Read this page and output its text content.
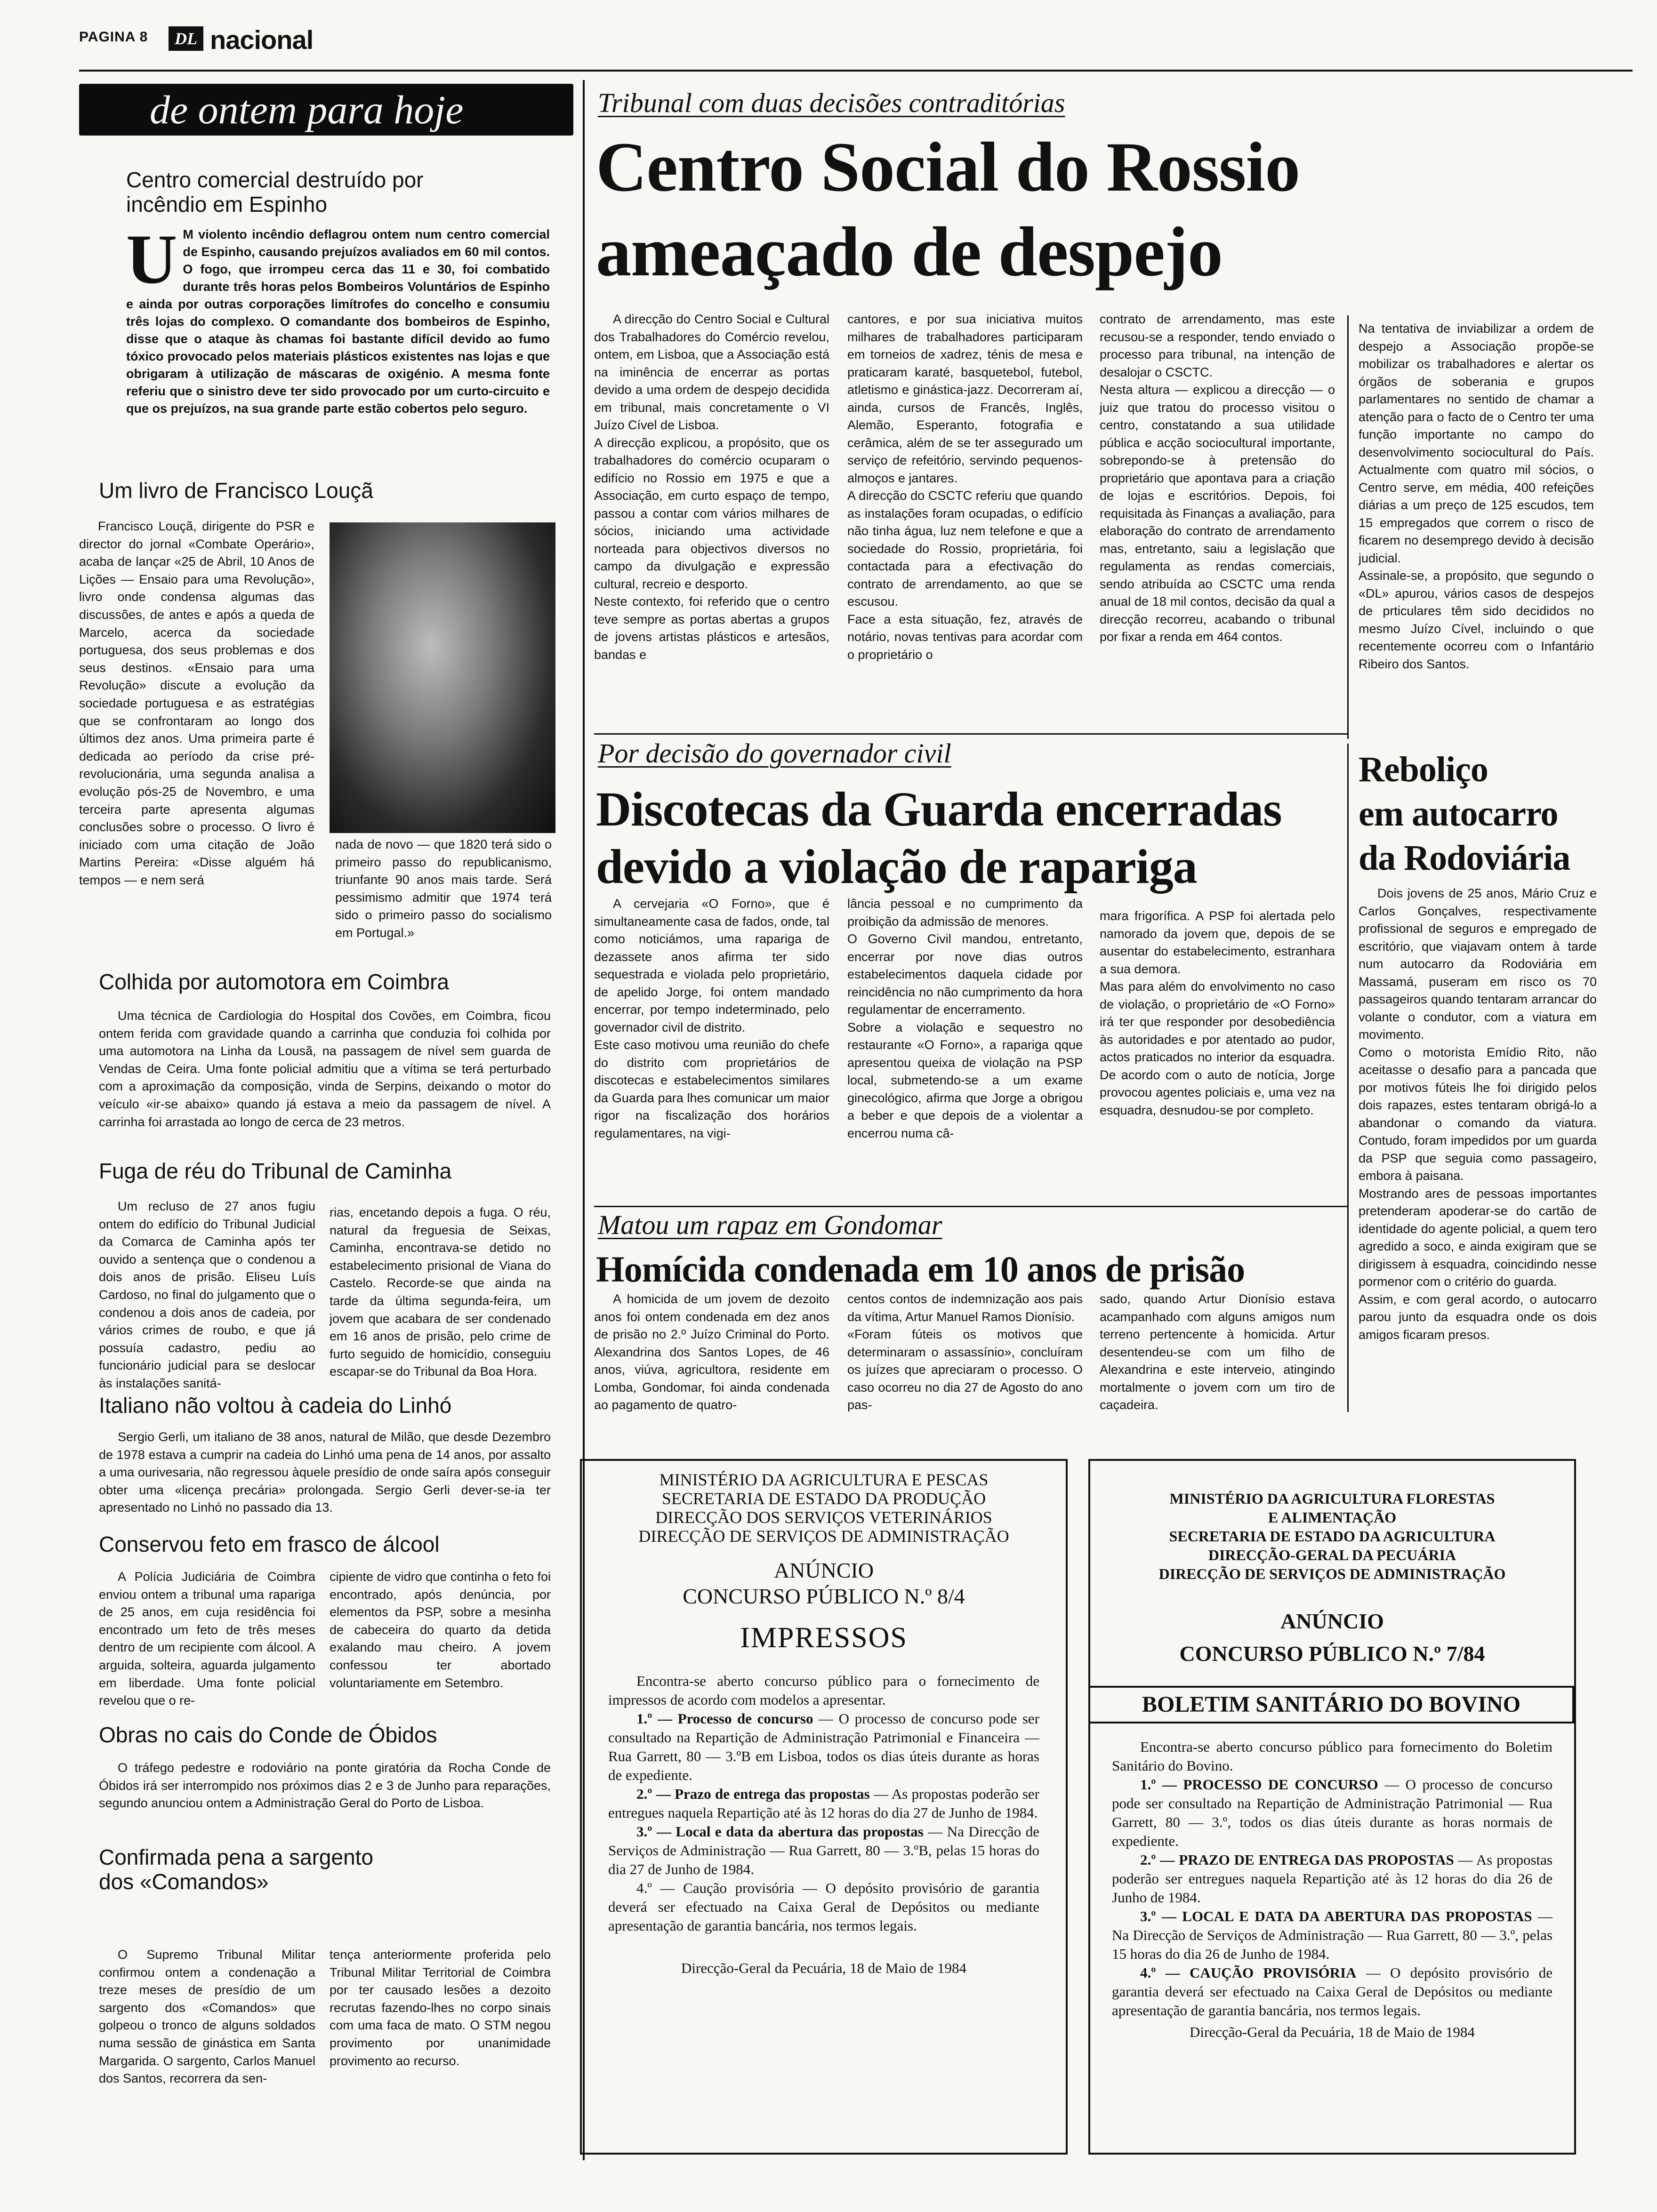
PAGINA 8	DL nacional
de ontem para hoje
Centro comercial destruído por incêndio em Espinho
U M violento incêndio deflagrou ontem num centro comercial de Espinho, causando prejuízos avaliados em 60 mil contos. O fogo, que irrompeu cerca das 11 e 30, foi combatido durante três horas pelos Bombeiros Voluntários de Espinho e ainda por outras corporações limítrofes do concelho e consumiu três lojas do complexo. O comandante dos bombeiros de Espinho, disse que o ataque às chamas foi bastante difícil devido ao fumo tóxico provocado pelos materiais plásticos existentes nas lojas e que obrigaram à utilização de máscaras de oxigénio. A mesma fonte referiu que o sinistro deve ter sido provocado por um curto-circuito e que os prejuízos, na sua grande parte estão cobertos pelo seguro.
Um livro de Francisco Louçã
Francisco Louçã, dirigente do PSR e director do jornal «Combate Operário», acaba de lançar «25 de Abril, 10 Anos de Lições — Ensaio para uma Revolução», livro onde condensa algumas das discussões, de antes e após a queda de Marcelo, acerca da sociedade portuguesa, dos seus problemas e dos seus destinos. «Ensaio para uma Revolução» discute a evolução da sociedade portuguesa e as estratégias que se confrontaram ao longo dos últimos dez anos. Uma primeira parte é dedicada ao período da crise pré-revolucionária, uma segunda analisa a evolução pós-25 de Novembro, e uma terceira parte apresenta algumas conclusões sobre o processo. O livro é iniciado com uma citação de João Martins Pereira: «Disse alguém há tempos — e nem será
nada de novo — que 1820 terá sido o primeiro passo do republicanismo, triunfante 90 anos mais tarde. Será pessimismo admitir que 1974 terá sido o primeiro passo do socialismo em Portugal.»
Colhida por automotora em Coimbra
Uma técnica de Cardiologia do Hospital dos Covões, em Coimbra, ficou ontem ferida com gravidade quando a carrinha que conduzia foi colhida por uma automotora na Linha da Lousã, na passagem de nível sem guarda de Vendas de Ceira. Uma fonte policial admitiu que a vítima se terá perturbado com a aproximação da composição, vinda de Serpins, deixando o motor do veículo «ir-se abaixo» quando já estava a meio da passagem de nível. A carrinha foi arrastada ao longo de cerca de 23 metros.
Fuga de réu do Tribunal de Caminha
Um recluso de 27 anos fugiu ontem do edifício do Tribunal Judicial da Comarca de Caminha após ter ouvido a sentença que o condenou a dois anos de prisão. Eliseu Luís Cardoso, no final do julgamento que o condenou a dois anos de cadeia, por vários crimes de roubo, e que já possuía cadastro, pediu ao funcionário judicial para se deslocar às instalações sanitá-
rias, encetando depois a fuga. O réu, natural da freguesia de Seixas, Caminha, encontrava-se detido no estabelecimento prisional de Viana do Castelo. Recorde-se que ainda na tarde da última segunda-feira, um jovem que acabara de ser condenado em 16 anos de prisão, pelo crime de furto seguido de homicídio, conseguiu escapar-se do Tribunal da Boa Hora.
Italiano não voltou à cadeia do Linhó
Sergio Gerli, um italiano de 38 anos, natural de Milão, que desde Dezembro de 1978 estava a cumprir na cadeia do Linhó uma pena de 14 anos, por assalto a uma ourivesaria, não regressou àquele presídio de onde saíra após conseguir obter uma «licença precária» prolongada. Sergio Gerli dever-se-ia ter apresentado no Linhó no passado dia 13.
Conservou feto em frasco de álcool
A Polícia Judiciária de Coimbra enviou ontem a tribunal uma rapariga de 25 anos, em cuja residência foi encontrado um feto de três meses dentro de um recipiente com álcool. A arguida, solteira, aguarda julgamento em liberdade. Uma fonte policial revelou que o re-
cipiente de vidro que continha o feto foi encontrado, após denúncia, por elementos da PSP, sobre a mesinha de cabeceira do quarto da detida exalando mau cheiro. A jovem confessou ter abortado voluntariamente em Setembro.
Obras no cais do Conde de Óbidos
O tráfego pedestre e rodoviário na ponte giratória da Rocha Conde de Óbidos irá ser interrompido nos próximos dias 2 e 3 de Junho para reparações, segundo anunciou ontem a Administração Geral do Porto de Lisboa.
Confirmada pena a sargento dos «Comandos»
O Supremo Tribunal Militar confirmou ontem a condenação a treze meses de presídio de um sargento dos «Comandos» que golpeou o tronco de alguns soldados numa sessão de ginástica em Santa Margarida. O sargento, Carlos Manuel dos Santos, recorrera da sen-
tença anteriormente proferida pelo Tribunal Militar Territorial de Coimbra por ter causado lesões a dezoito recrutas fazendo-lhes no corpo sinais com uma faca de mato. O STM negou provimento por unanimidade provimento ao recurso.
Tribunal com duas decisões contraditórias
Centro Social do Rossio
ameaçado de despejo
A direcção do Centro Social e Cultural dos Trabalhadores do Comércio revelou, ontem, em Lisboa, que a Associação está na iminência de encerrar as portas devido a uma ordem de despejo decidida em tribunal, mais concretamente o VI Juízo Cível de Lisboa.
A direcção explicou, a propósito, que os trabalhadores do comércio ocuparam o edifício no Rossio em 1975 e que a Associação, em curto espaço de tempo, passou a contar com vários milhares de sócios, iniciando uma actividade norteada para objectivos diversos no campo da divulgação e expressão cultural, recreio e desporto.
Neste contexto, foi referido que o centro teve sempre as portas abertas a grupos de jovens artistas plásticos e artesãos, bandas e
cantores, e por sua iniciativa muitos milhares de trabalhadores participaram em torneios de xadrez, ténis de mesa e praticaram karaté, basquetebol, futebol, atletismo e ginástica-jazz. Decorreram aí, ainda, cursos de Francês, Inglês, Alemão, Esperanto, fotografia e cerâmica, além de se ter assegurado um serviço de refeitório, servindo pequenos-almoços e jantares.
A direcção do CSCTC referiu que quando as instalações foram ocupadas, o edifício não tinha água, luz nem telefone e que a sociedade do Rossio, proprietária, foi contactada para a efectivação do contrato de arrendamento, ao que se escusou.
Face a esta situação, fez, através de notário, novas tentivas para acordar com o proprietário o
contrato de arrendamento, mas este recusou-se a responder, tendo enviado o processo para tribunal, na intenção de desalojar o CSCTC.
Nesta altura — explicou a direcção — o juiz que tratou do processo visitou o centro, constatando a sua utilidade pública e acção sociocultural importante, sobrepondo-se à pretensão do proprietário que apontava para a criação de lojas e escritórios. Depois, foi requisitada às Finanças a avaliação, para elaboração do contrato de arrendamento mas, entretanto, saiu a legislação que regulamenta as rendas comerciais, sendo atribuída ao CSCTC uma renda anual de 18 mil contos, decisão da qual a direcção recorreu, acabando o tribunal por fixar a renda em 464 contos.
Na tentativa de inviabilizar a ordem de despejo a Associação propõe-se mobilizar os trabalhadores e alertar os órgãos de soberania e grupos parlamentares no sentido de chamar a atenção para o facto de o Centro ter uma função importante no campo do desenvolvimento sociocultural do País. Actualmente com quatro mil sócios, o Centro serve, em média, 400 refeições diárias a um preço de 125 escudos, tem 15 empregados que correm o risco de ficarem no desemprego devido à decisão judicial.
Assinale-se, a propósito, que segundo o «DL» apurou, vários casos de despejos de prticulares têm sido decididos no mesmo Juízo Cível, incluindo o que recentemente ocorreu com o Infantário Ribeiro dos Santos.
Por decisão do governador civil
Discotecas da Guarda encerradas
devido a violação de rapariga
A cervejaria «O Forno», que é simultaneamente casa de fados, onde, tal como noticiámos, uma rapariga de dezassete anos afirma ter sido sequestrada e violada pelo proprietário, de apelido Jorge, foi ontem mandado encerrar, por tempo indeterminado, pelo governador civil de distrito.
Este caso motivou uma reunião do chefe do distrito com proprietários de discotecas e estabelecimentos similares da Guarda para lhes comunicar um maior rigor na fiscalização dos horários regulamentares, na vigi-
lância pessoal e no cumprimento da proibição da admissão de menores.
O Governo Civil mandou, entretanto, encerrar por nove dias outros estabelecimentos daquela cidade por reincidência no não cumprimento da hora regulamentar de encerramento.
Sobre a violação e sequestro no restaurante «O Forno», a rapariga qque apresentou queixa de violação na PSP local, submetendo-se a um exame ginecológico, afirma que Jorge a obrigou a beber e que depois de a violentar a encerrou numa câ-
mara frigorífica. A PSP foi alertada pelo namorado da jovem que, depois de se ausentar do estabelecimento, estranhara a sua demora.
Mas para além do envolvimento no caso de violação, o proprietário de «O Forno» irá ter que responder por desobediência às autoridades e por atentado ao pudor, actos praticados no interior da esquadra. De acordo com o auto de notícia, Jorge provocou agentes policiais e, uma vez na esquadra, desnudou-se por completo.
Reboliço
em autocarro
da Rodoviária
Dois jovens de 25 anos, Mário Cruz e Carlos Gonçalves, respectivamente profissional de seguros e empregado de escritório, que viajavam ontem à tarde num autocarro da Rodoviária em Massamá, puseram em risco os 70 passageiros quando tentaram arrancar do volante o condutor, com a viatura em movimento.
Como o motorista Emídio Rito, não aceitasse o desafio para a pancada que por motivos fúteis lhe foi dirigido pelos dois rapazes, estes tentaram obrigá-lo a abandonar o comando da viatura. Contudo, foram impedidos por um guarda da PSP que seguia como passageiro, embora à paisana.
Mostrando ares de pessoas importantes pretenderam apoderar-se do cartão de identidade do agente policial, a quem tero agredido a soco, e ainda exigiram que se dirigissem à esquadra, coincidindo nesse pormenor com o critério do guarda.
Assim, e com geral acordo, o autocarro parou junto da esquadra onde os dois amigos ficaram presos.
Matou um rapaz em Gondomar
Homícida condenada em 10 anos de prisão
A homicida de um jovem de dezoito anos foi ontem condenada em dez anos de prisão no 2.º Juízo Criminal do Porto. Alexandrina dos Santos Lopes, de 46 anos, viúva, agricultora, residente em Lomba, Gondomar, foi ainda condenada ao pagamento de quatro-
centos contos de indemnização aos pais da vítima, Artur Manuel Ramos Dionísio.
«Foram fúteis os motivos que determinaram o assassínio», concluíram os juízes que apreciaram o processo. O caso ocorreu no dia 27 de Agosto do ano pas-
sado, quando Artur Dionísio estava acampanhado com alguns amigos num terreno pertencente à homicida. Artur desentendeu-se com um filho de Alexandrina e este interveio, atingindo mortalmente o jovem com um tiro de caçadeira.
MINISTÉRIO DA AGRICULTURA E PESCAS
SECRETARIA DE ESTADO DA PRODUÇÃO
DIRECÇÃO DOS SERVIÇOS VETERINÁRIOS
DIRECÇÃO DE SERVIÇOS DE ADMINISTRAÇÃO
ANÚNCIO
CONCURSO PÚBLICO N.º 8/4
IMPRESSOS
Encontra-se aberto concurso público para o fornecimento de impressos de acordo com modelos a apresentar.
1.º — Processo de concurso — O processo de concurso pode ser consultado na Repartição de Administração Patrimonial e Financeira — Rua Garrett, 80 — 3.ºB em Lisboa, todos os dias úteis durante as horas de expediente.
2.º — Prazo de entrega das propostas — As propostas poderão ser entregues naquela Repartição até às 12 horas do dia 27 de Junho de 1984.
3.º — Local e data da abertura das propostas — Na Direcção de Serviços de Administração — Rua Garrett, 80 — 3.ºB, pelas 15 horas do dia 27 de Junho de 1984.
4.º — Caução provisória — O depósito provisório de garantia deverá ser efectuado na Caixa Geral de Depósitos ou mediante apresentação de garantia bancária, nos termos legais.
Direcção-Geral da Pecuária, 18 de Maio de 1984
MINISTÉRIO DA AGRICULTURA FLORESTAS
E ALIMENTAÇÃO
SECRETARIA DE ESTADO DA AGRICULTURA
DIRECÇÃO-GERAL DA PECUÁRIA
DIRECÇÃO DE SERVIÇOS DE ADMINISTRAÇÃO
ANÚNCIO
CONCURSO PÚBLICO N.º 7/84
BOLETIM SANITÁRIO DO BOVINO
Encontra-se aberto concurso público para fornecimento do Boletim Sanitário do Bovino.
1.º — PROCESSO DE CONCURSO — O processo de concurso pode ser consultado na Repartição de Administração Patrimonial — Rua Garrett, 80 — 3.º, todos os dias úteis durante as horas normais de expediente.
2.º — PRAZO DE ENTREGA DAS PROPOSTAS — As propostas poderão ser entregues naquela Repartição até às 12 horas do dia 26 de Junho de 1984.
3.º — LOCAL E DATA DA ABERTURA DAS PROPOSTAS — Na Direcção de Serviços de Administração — Rua Garrett, 80 — 3.º, pelas 15 horas do dia 26 de Junho de 1984.
4.º — CAUÇÃO PROVISÓRIA — O depósito provisório de garantia deverá ser efectuado na Caixa Geral de Depósitos ou mediante apresentação de garantia bancária, nos termos legais.
Direcção-Geral da Pecuária, 18 de Maio de 1984
